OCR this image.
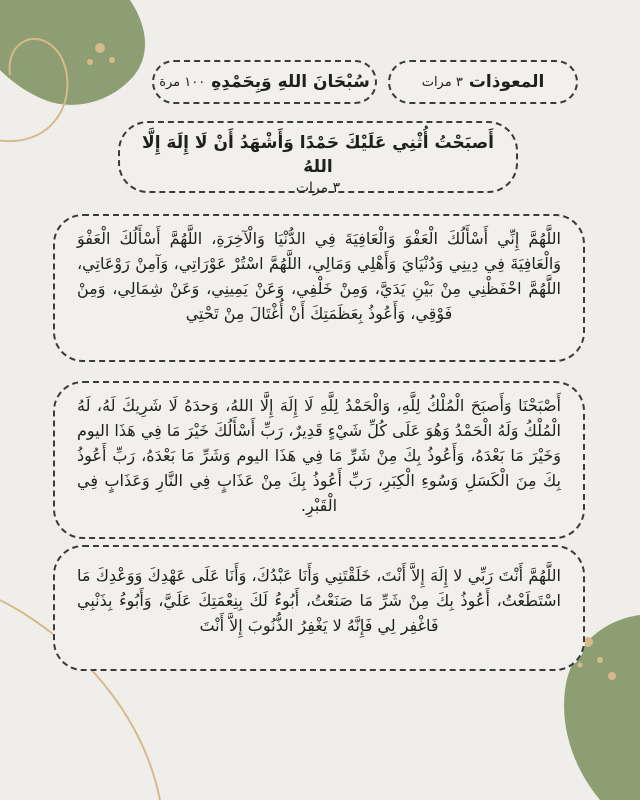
المعوذات
٣ مرات
سُبْحَانَ اللهِ وَبِحَمْدِهِ
١٠٠ مرة
أَصبَحْتُ أُثْنِي عَلَيْكَ حَمْدًا وَأَشْهَدُ أَنْ لَا إِلَهَ إِلَّا اللهُ
٣ مرات
اللَّهُمَّ إِنِّي أَسْأَلُكَ الْعَفْوَ وَالْعَافِيَةَ فِي الدُّنْيَا وَالْآخِرَةِ، اللَّهُمَّ أَسْأَلُكَ الْعَفْوَ وَالْعَافِيَةَ فِي دِينِي وَدُنْيَايَ وَأَهْلِي وَمَالِي، اللَّهُمَّ اسْتُرْ عَوْرَاتِي، وَآمِنْ رَوْعَاتِي، اللَّهُمَّ احْفَظْنِي مِنْ بَيْنِ يَدَيَّ، وَمِنْ خَلْفِي، وَعَنْ يَمِينِي، وَعَنْ شِمَالِي، وَمِنْ فَوْقِي، وَأَعُوذُ بِعَظَمَتِكَ أَنْ أُغْتَالَ مِنْ تَحْتِي
أَصْبَحْنَا وَأَصبَحَ الْمُلْكُ لِلَّهِ، وَالْحَمْدُ لِلَّهِ لَا إِلَهَ إِلَّا اللهُ، وَحدَهُ لَا شَرِيكَ لَهُ، لَهُ الْمُلْكُ وَلَهُ الْحَمْدُ وَهُوَ عَلَى كُلِّ شَيْءٍ قَدِيرٌ، رَبِّ أَسْأَلُكَ خَيْرَ مَا فِي هَذَا اليوم وَخَيْرَ مَا بَعْدَهُ، وَأَعُوذُ بِكَ مِنْ شَرِّ مَا فِي هَذَا اليوم وَشَرِّ مَا بَعْدَهُ، رَبِّ أَعُوذُ بِكَ مِنَ الْكَسَلِ وَسُوءِ الْكِبَرِ، رَبِّ أَعُوذُ بِكَ مِنْ عَذَابٍ فِي النَّارِ وَعَذَابٍ فِي الْقَبْرِ.
اللَّهُمَّ أَنْتَ رَبِّي لا إِلَهَ إِلاَّ أَنْتَ، خَلَقْتَنِي وَأَنَا عَبْدُكَ، وَأَنَا عَلَى عَهْدِكَ وَوَعْدِكَ مَا اسْتَطَعْتُ، أَعُوذُ بِكَ مِنْ شَرِّ مَا صَنَعْتُ، أَبُوءُ لَكَ بِنِعْمَتِكَ عَلَيَّ، وَأَبُوءُ بِذَنْبِي فَاغْفِر لِي فَإِنَّهُ لا يَغْفِرُ الذُّنُوبَ إِلاَّ أَنْتَ
